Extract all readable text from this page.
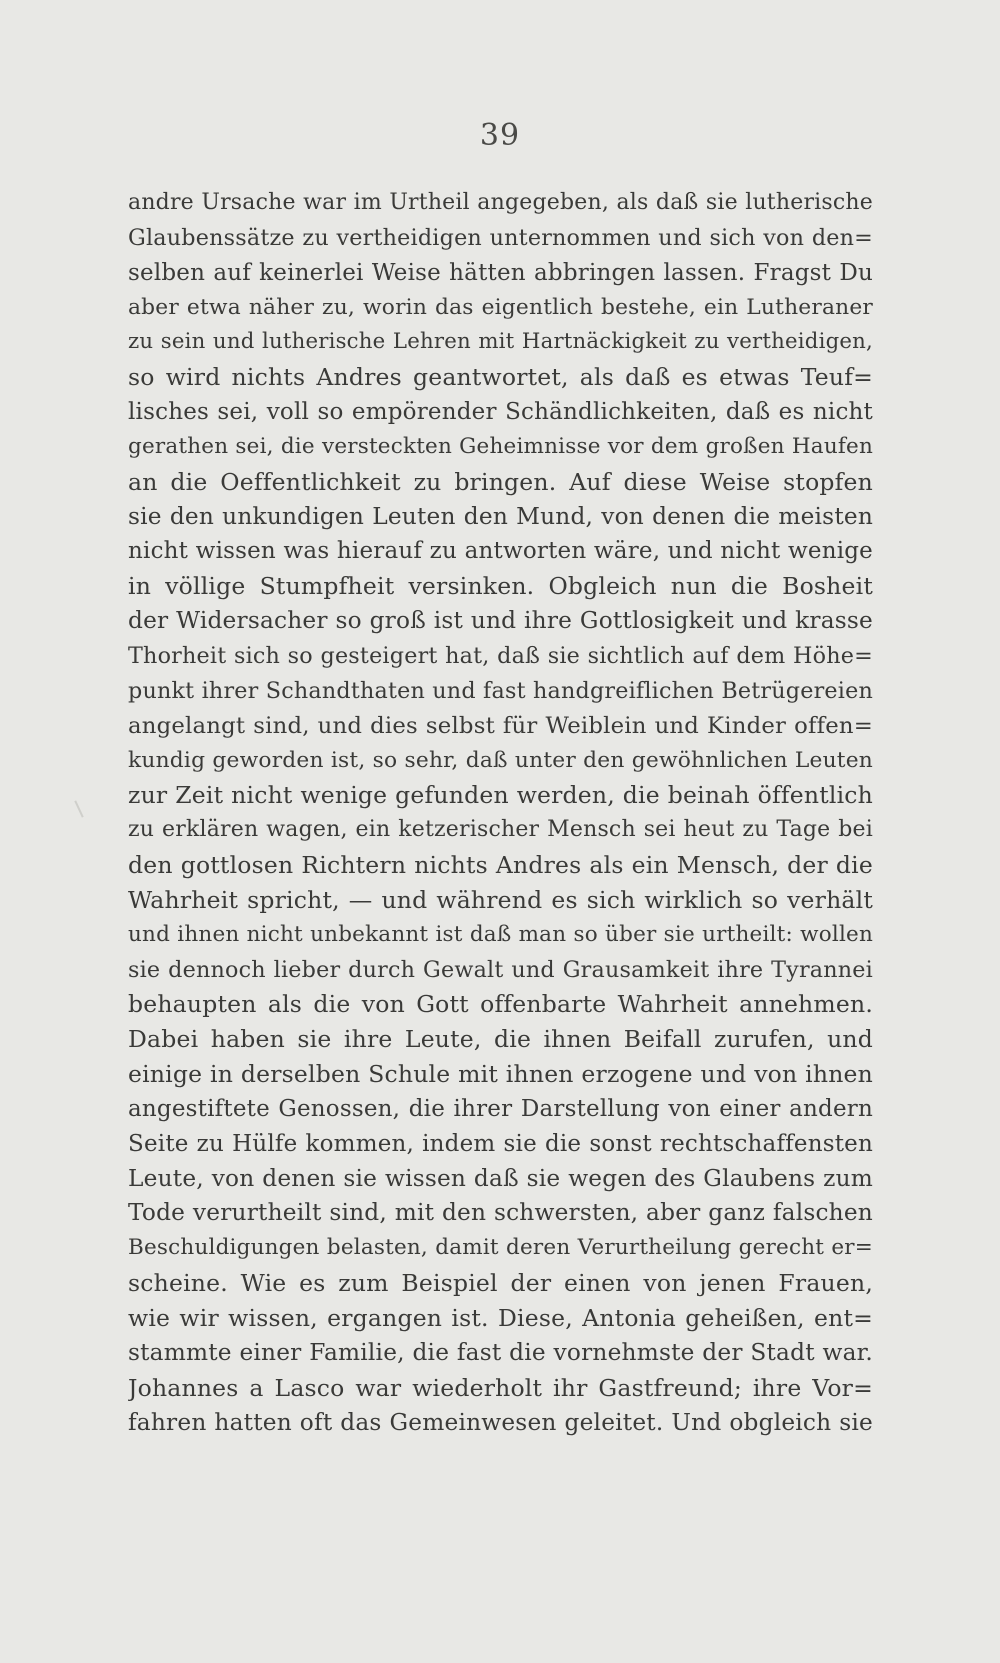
39
andre Ursache war im Urtheil angegeben, als daß sie lutherische
Glaubenssätze zu vertheidigen unternommen und sich von den=
selben auf keinerlei Weise hätten abbringen lassen. Fragst Du
aber etwa näher zu, worin das eigentlich bestehe, ein Lutheraner
zu sein und lutherische Lehren mit Hartnäckigkeit zu vertheidigen,
so wird nichts Andres geantwortet, als daß es etwas Teuf=
lisches sei, voll so empörender Schändlichkeiten, daß es nicht
gerathen sei, die versteckten Geheimnisse vor dem großen Haufen
an die Oeffentlichkeit zu bringen. Auf diese Weise stopfen
sie den unkundigen Leuten den Mund, von denen die meisten
nicht wissen was hierauf zu antworten wäre, und nicht wenige
in völlige Stumpfheit versinken. Obgleich nun die Bosheit
der Widersacher so groß ist und ihre Gottlosigkeit und krasse
Thorheit sich so gesteigert hat, daß sie sichtlich auf dem Höhe=
punkt ihrer Schandthaten und fast handgreiflichen Betrügereien
angelangt sind, und dies selbst für Weiblein und Kinder offen=
kundig geworden ist, so sehr, daß unter den gewöhnlichen Leuten
zur Zeit nicht wenige gefunden werden, die beinah öffentlich
zu erklären wagen, ein ketzerischer Mensch sei heut zu Tage bei
den gottlosen Richtern nichts Andres als ein Mensch, der die
Wahrheit spricht, — und während es sich wirklich so verhält
und ihnen nicht unbekannt ist daß man so über sie urtheilt: wollen
sie dennoch lieber durch Gewalt und Grausamkeit ihre Tyrannei
behaupten als die von Gott offenbarte Wahrheit annehmen.
Dabei haben sie ihre Leute, die ihnen Beifall zurufen, und
einige in derselben Schule mit ihnen erzogene und von ihnen
angestiftete Genossen, die ihrer Darstellung von einer andern
Seite zu Hülfe kommen, indem sie die sonst rechtschaffensten
Leute, von denen sie wissen daß sie wegen des Glaubens zum
Tode verurtheilt sind, mit den schwersten, aber ganz falschen
Beschuldigungen belasten, damit deren Verurtheilung gerecht er=
scheine. Wie es zum Beispiel der einen von jenen Frauen,
wie wir wissen, ergangen ist. Diese, Antonia geheißen, ent=
stammte einer Familie, die fast die vornehmste der Stadt war.
Johannes a Lasco war wiederholt ihr Gastfreund; ihre Vor=
fahren hatten oft das Gemeinwesen geleitet. Und obgleich sie
